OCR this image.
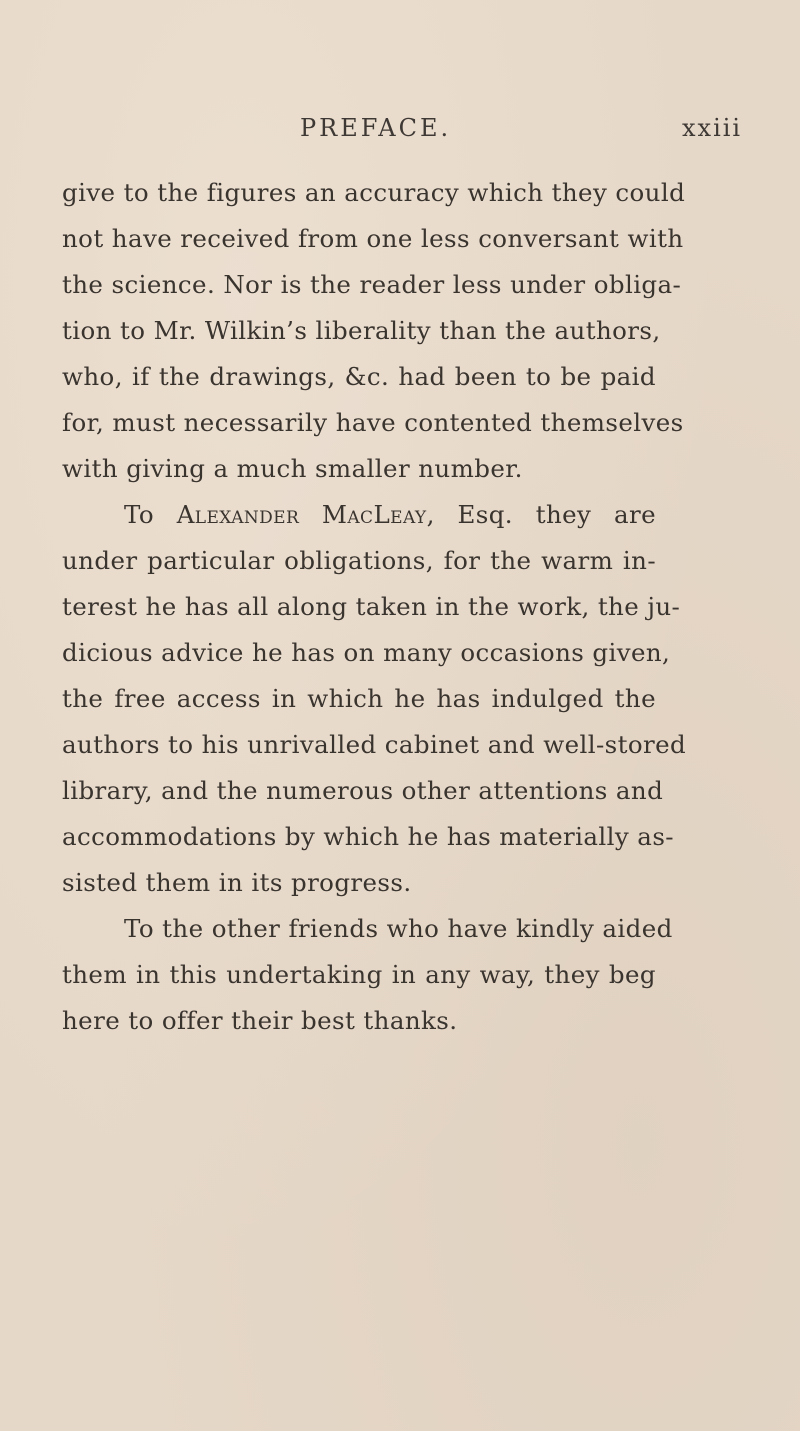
PREFACE.	xxiii
give to the figures an accuracy which they could
not have received from one less conversant with
the science. Nor is the reader less under obliga-
tion to Mr. Wilkin’s liberality than the authors,
who, if the drawings, &c. had been to be paid
for, must necessarily have contented themselves
with giving a much smaller number.
To Alexander MacLeay, Esq. they are
under particular obligations, for the warm in-
terest he has all along taken in the work, the ju-
dicious advice he has on many occasions given,
the free access in which he has indulged the
authors to his unrivalled cabinet and well-stored
library, and the numerous other attentions and
accommodations by which he has materially as-
sisted them in its progress.
To the other friends who have kindly aided
them in this undertaking in any way, they beg
here to offer their best thanks.
